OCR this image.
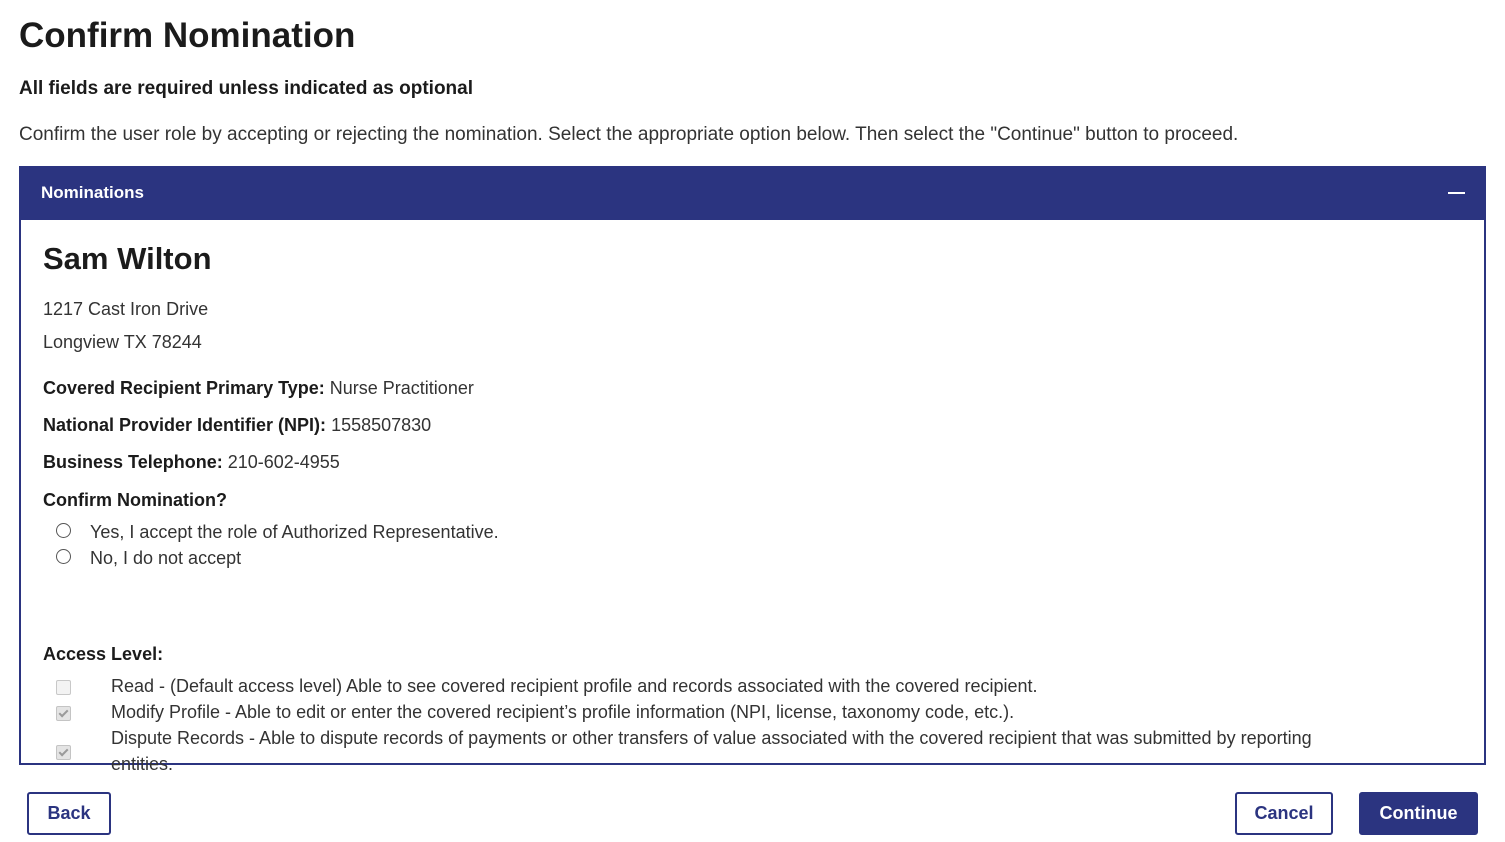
Confirm Nomination
All fields are required unless indicated as optional
Confirm the user role by accepting or rejecting the nomination. Select the appropriate option below. Then select the "Continue" button to proceed.
Nominations
Sam Wilton
1217 Cast Iron Drive
Longview TX 78244
Covered Recipient Primary Type: Nurse Practitioner
National Provider Identifier (NPI): 1558507830
Business Telephone: 210-602-4955
Confirm Nomination?
Yes, I accept the role of Authorized Representative.
No, I do not accept
Access Level:
Read - (Default access level) Able to see covered recipient profile and records associated with the covered recipient.
Modify Profile - Able to edit or enter the covered recipient’s profile information (NPI, license, taxonomy code, etc.).
Dispute Records - Able to dispute records of payments or other transfers of value associated with the covered recipient that was submitted by reporting entities.
Back	Cancel	Continue
